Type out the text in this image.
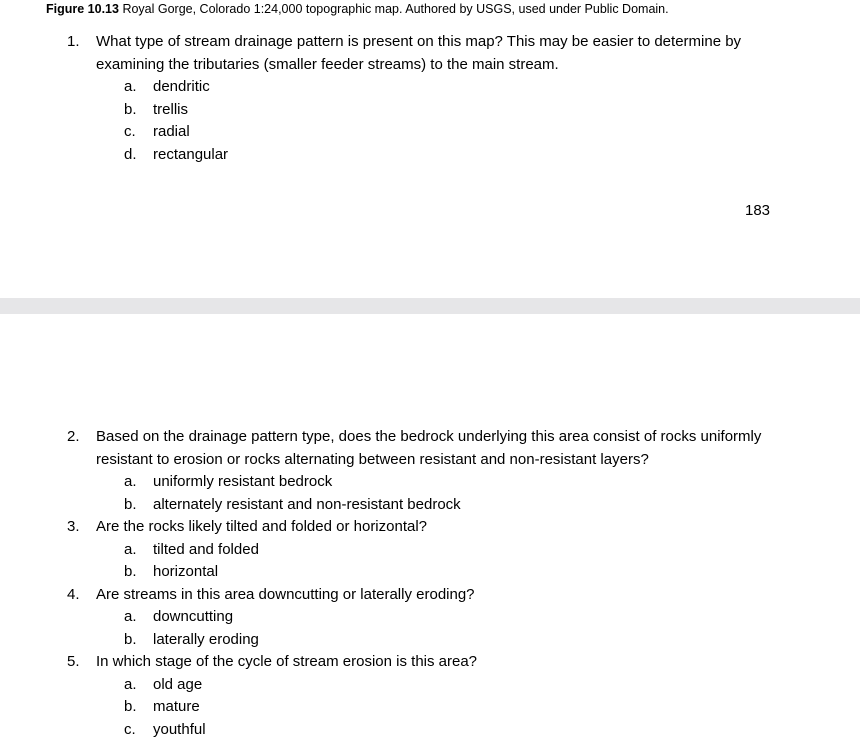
Figure 10.13 Royal Gorge, Colorado 1:24,000 topographic map. Authored by USGS, used under Public Domain.
1. What type of stream drainage pattern is present on this map? This may be easier to determine by examining the tributaries (smaller feeder streams) to the main stream.
a. dendritic
b. trellis
c. radial
d. rectangular
183
2. Based on the drainage pattern type, does the bedrock underlying this area consist of rocks uniformly resistant to erosion or rocks alternating between resistant and non-resistant layers?
a. uniformly resistant bedrock
b. alternately resistant and non-resistant bedrock
3. Are the rocks likely tilted and folded or horizontal?
a. tilted and folded
b. horizontal
4. Are streams in this area downcutting or laterally eroding?
a. downcutting
b. laterally eroding
5. In which stage of the cycle of stream erosion is this area?
a. old age
b. mature
c. youthful
